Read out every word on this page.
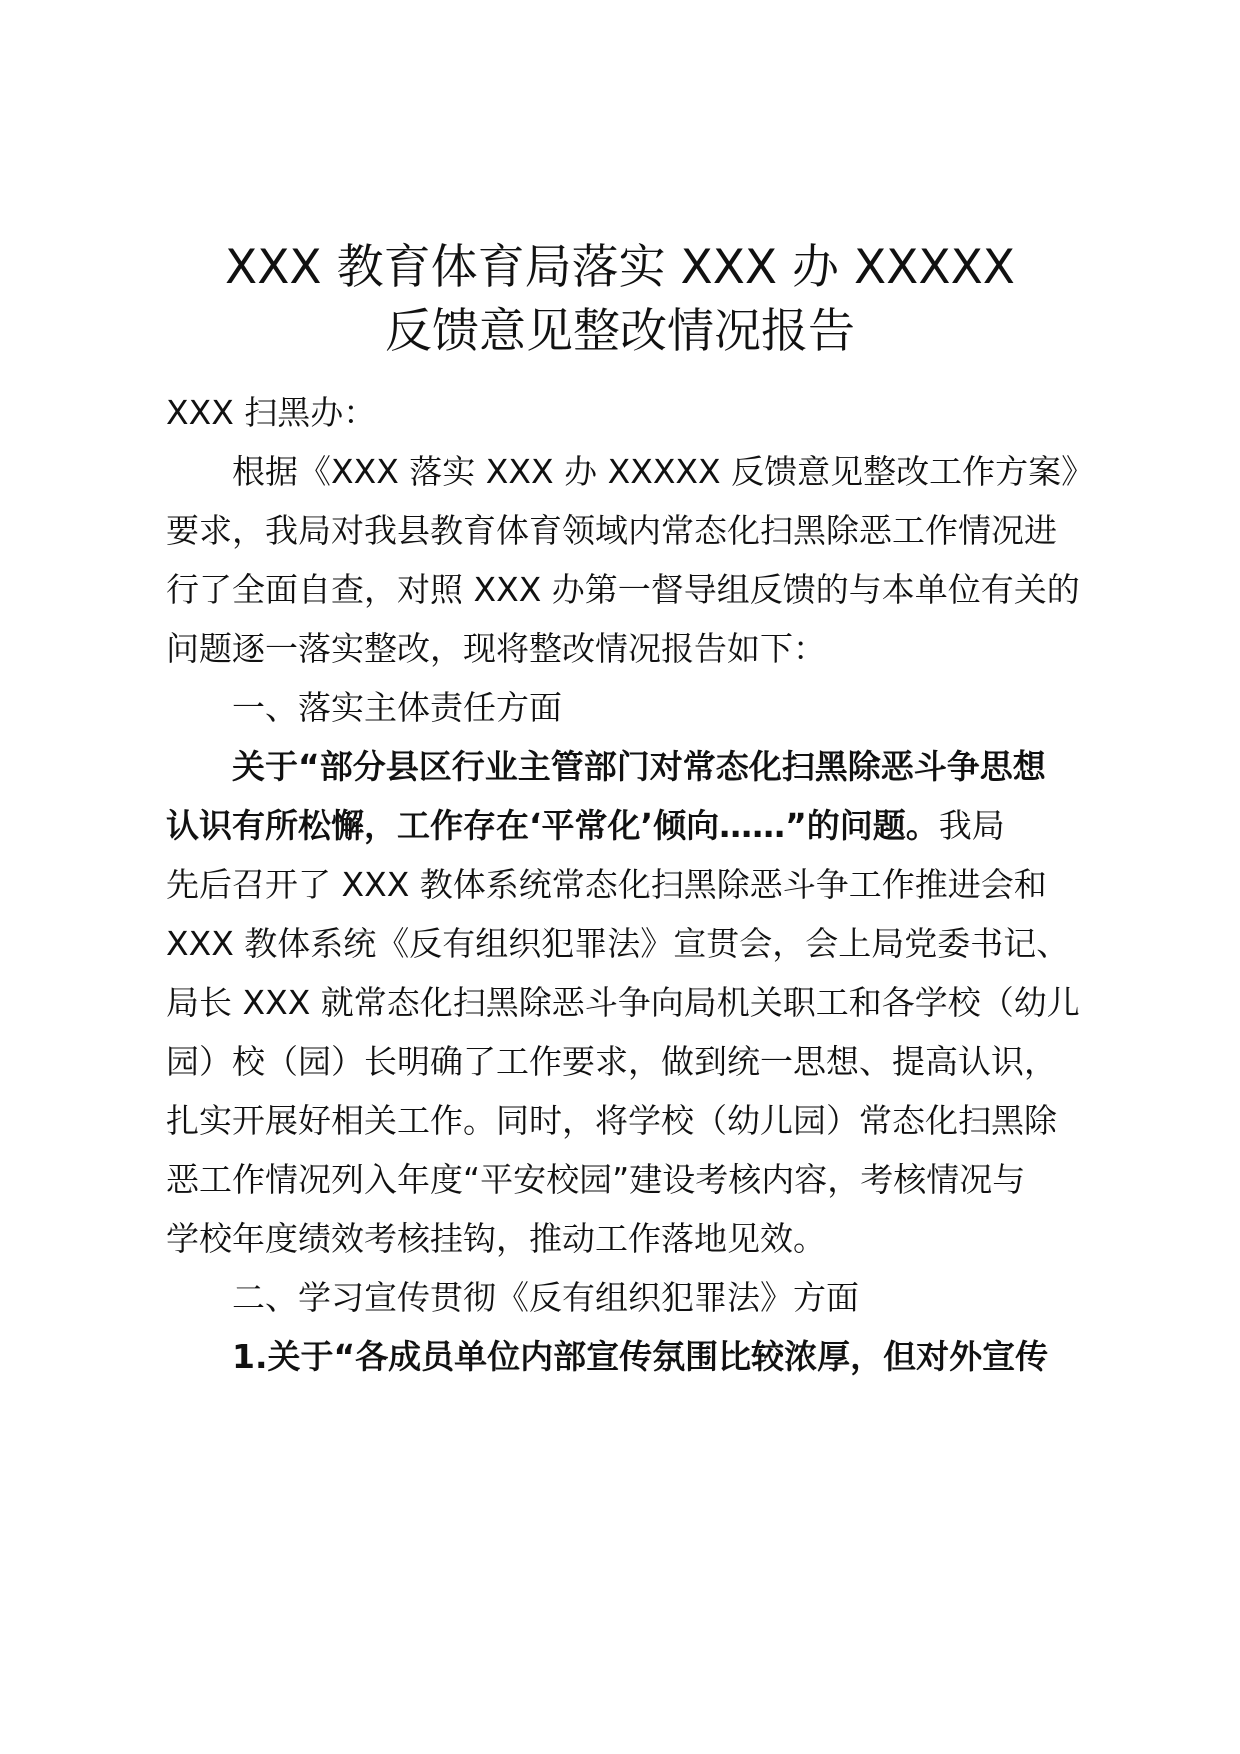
XXX 教育体育局落实 XXX 办 XXXXX
反馈意见整改情况报告
XXX 扫黑办：
根据《XXX 落实 XXX 办 XXXXX 反馈意见整改工作方案》
要求，我局对我县教育体育领域内常态化扫黑除恶工作情况进
行了全面自查，对照 XXX 办第一督导组反馈的与本单位有关的
问题逐一落实整改，现将整改情况报告如下：
一、落实主体责任方面
关于“部分县区行业主管部门对常态化扫黑除恶斗争思想
认识有所松懈，工作存在‘平常化’倾向……”的问题。我局
先后召开了 XXX 教体系统常态化扫黑除恶斗争工作推进会和
XXX 教体系统《反有组织犯罪法》宣贯会，会上局党委书记、
局长 XXX 就常态化扫黑除恶斗争向局机关职工和各学校（幼儿
园）校（园）长明确了工作要求，做到统一思想、提高认识，
扎实开展好相关工作。同时，将学校（幼儿园）常态化扫黑除
恶工作情况列入年度“平安校园”建设考核内容，考核情况与
学校年度绩效考核挂钩，推动工作落地见效。
二、学习宣传贯彻《反有组织犯罪法》方面
1.关于“各成员单位内部宣传氛围比较浓厚，但对外宣传
